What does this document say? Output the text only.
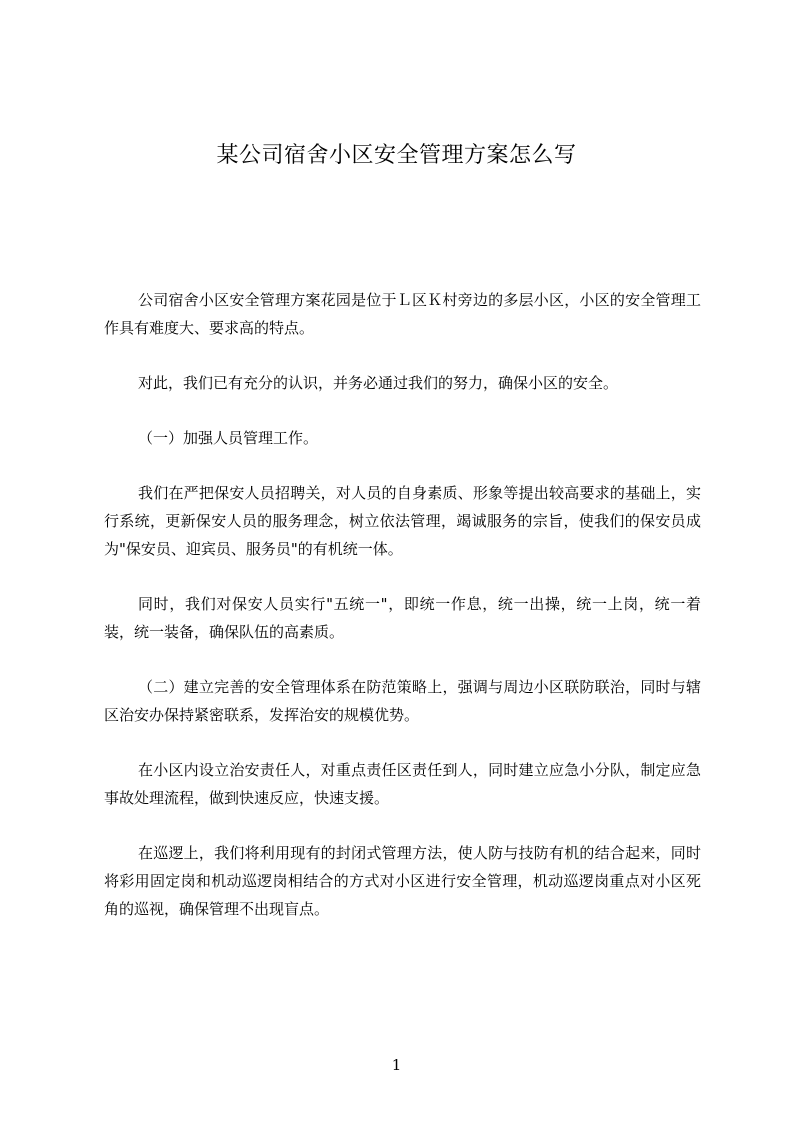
某公司宿舍小区安全管理方案怎么写

公司宿舍小区安全管理方案花园是位于Ｌ区Ｋ村旁边的多层小区，小区的安全管理工作具有难度大、要求高的特点。

对此，我们已有充分的认识，并务必通过我们的努力，确保小区的安全。

（一）加强人员管理工作。

我们在严把保安人员招聘关，对人员的自身素质、形象等提出较高要求的基础上，实行系统，更新保安人员的服务理念，树立依法管理，竭诚服务的宗旨，使我们的保安员成为"保安员、迎宾员、服务员"的有机统一体。

同时，我们对保安人员实行"五统一"，即统一作息，统一出操，统一上岗，统一着装，统一装备，确保队伍的高素质。

（二）建立完善的安全管理体系在防范策略上，强调与周边小区联防联治，同时与辖区治安办保持紧密联系，发挥治安的规模优势。

在小区内设立治安责任人，对重点责任区责任到人，同时建立应急小分队，制定应急事故处理流程，做到快速反应，快速支援。

在巡逻上，我们将利用现有的封闭式管理方法，使人防与技防有机的结合起来，同时将彩用固定岗和机动巡逻岗相结合的方式对小区进行安全管理，机动巡逻岗重点对小区死角的巡视，确保管理不出现盲点。

1
